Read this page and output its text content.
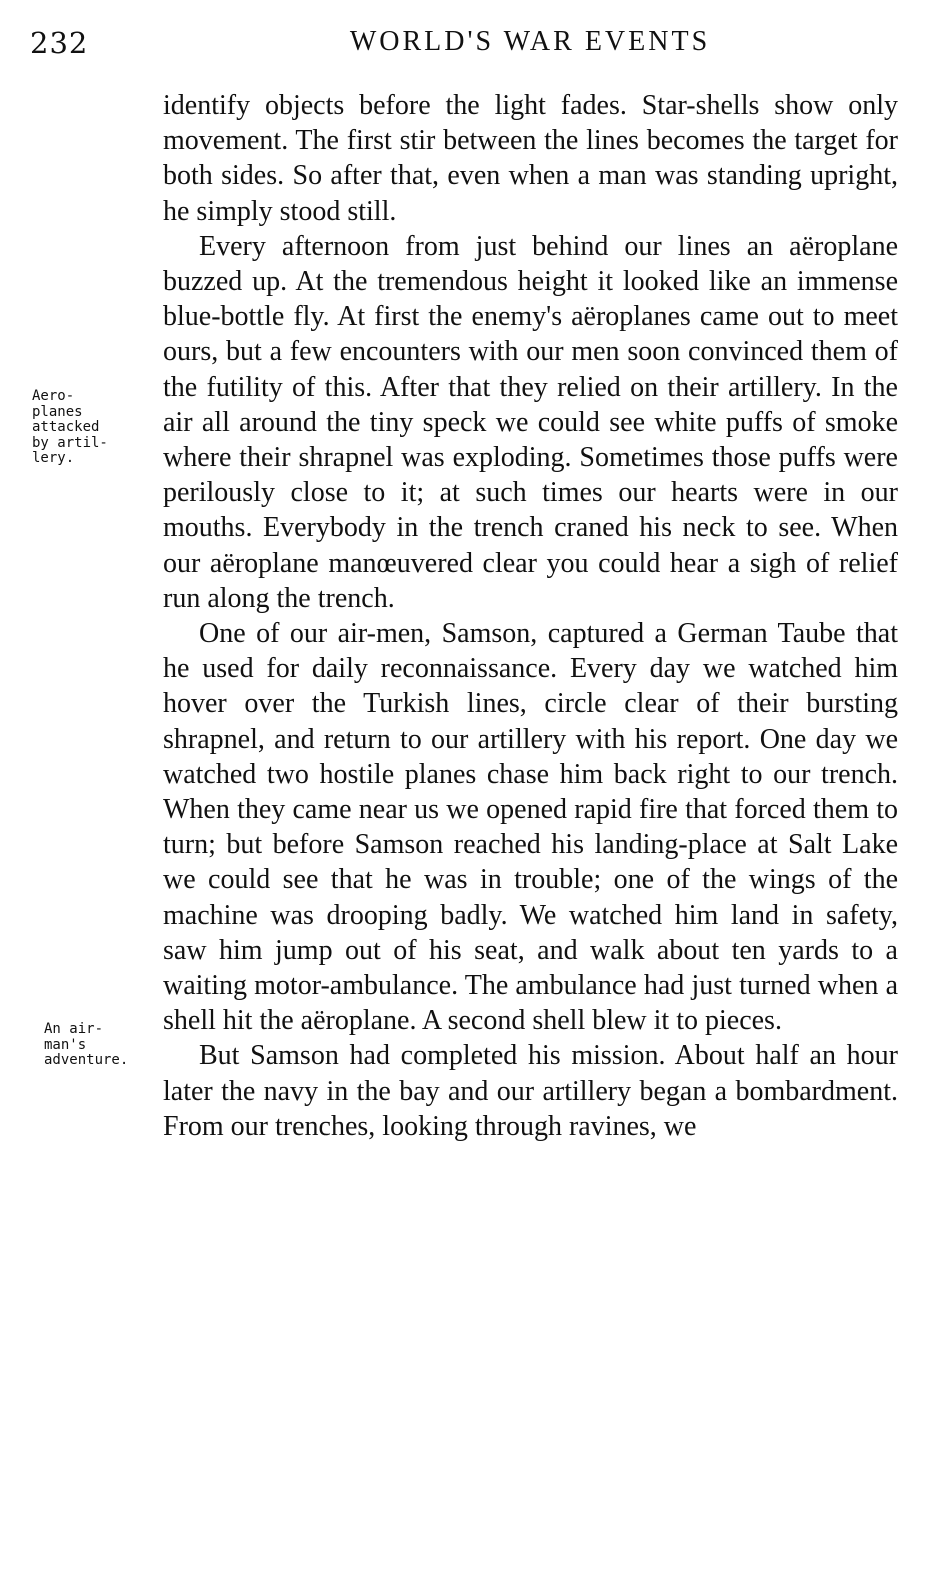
232	WORLD'S WAR EVENTS
Aero-
planes
attacked
by artil-
lery.
An air-
man's
adventure.

identify objects before the light fades. Star-shells show only movement. The first stir between the lines becomes the target for both sides. So after that, even when a man was standing upright, he simply stood still.

Every afternoon from just behind our lines an aëroplane buzzed up. At the tremendous height it looked like an immense blue-bottle fly. At first the enemy's aëroplanes came out to meet ours, but a few encounters with our men soon convinced them of the futility of this. After that they relied on their artillery. In the air all around the tiny speck we could see white puffs of smoke where their shrapnel was exploding. Sometimes those puffs were perilously close to it; at such times our hearts were in our mouths. Everybody in the trench craned his neck to see. When our aëroplane manœuvered clear you could hear a sigh of relief run along the trench.

One of our air-men, Samson, captured a German Taube that he used for daily reconnaissance. Every day we watched him hover over the Turkish lines, circle clear of their bursting shrapnel, and return to our artillery with his report. One day we watched two hostile planes chase him back right to our trench. When they came near us we opened rapid fire that forced them to turn; but before Samson reached his landing-place at Salt Lake we could see that he was in trouble; one of the wings of the machine was drooping badly. We watched him land in safety, saw him jump out of his seat, and walk about ten yards to a waiting motor-ambulance. The ambulance had just turned when a shell hit the aëroplane. A second shell blew it to pieces.

But Samson had completed his mission. About half an hour later the navy in the bay and our artillery began a bombardment. From our trenches, looking through ravines, we
